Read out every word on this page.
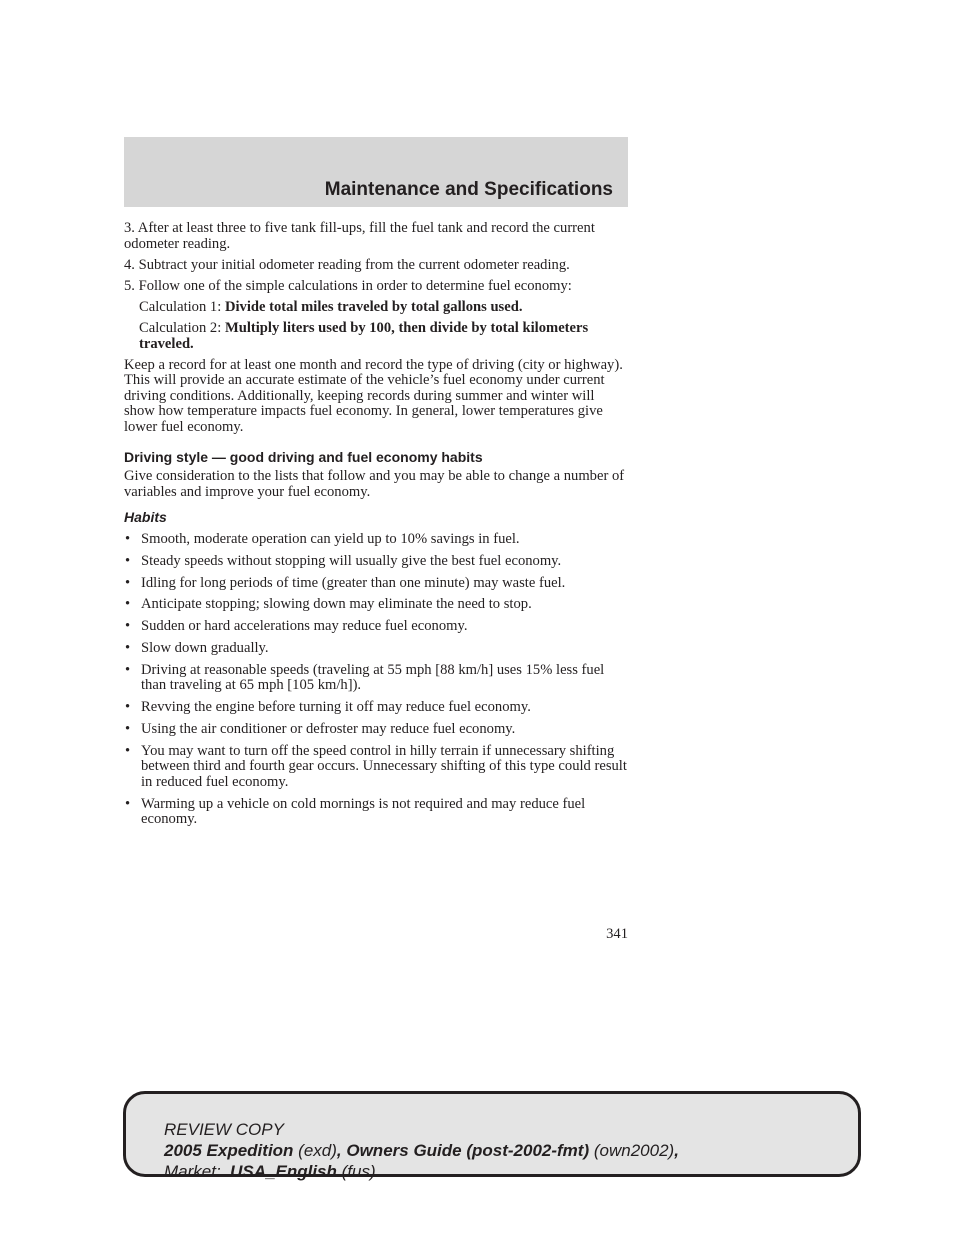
Maintenance and Specifications

3. After at least three to five tank fill-ups, fill the fuel tank and record the current odometer reading.

4. Subtract your initial odometer reading from the current odometer reading.

5. Follow one of the simple calculations in order to determine fuel economy:

Calculation 1: Divide total miles traveled by total gallons used.

Calculation 2: Multiply liters used by 100, then divide by total kilometers traveled.

Keep a record for at least one month and record the type of driving (city or highway). This will provide an accurate estimate of the vehicle’s fuel economy under current driving conditions. Additionally, keeping records during summer and winter will show how temperature impacts fuel economy. In general, lower temperatures give lower fuel economy.

Driving style — good driving and fuel economy habits

Give consideration to the lists that follow and you may be able to change a number of variables and improve your fuel economy.

Habits
• Smooth, moderate operation can yield up to 10% savings in fuel.
• Steady speeds without stopping will usually give the best fuel economy.
• Idling for long periods of time (greater than one minute) may waste fuel.
• Anticipate stopping; slowing down may eliminate the need to stop.
• Sudden or hard accelerations may reduce fuel economy.
• Slow down gradually.
• Driving at reasonable speeds (traveling at 55 mph [88 km/h] uses 15% less fuel than traveling at 65 mph [105 km/h]).
• Revving the engine before turning it off may reduce fuel economy.
• Using the air conditioner or defroster may reduce fuel economy.
• You may want to turn off the speed control in hilly terrain if unnecessary shifting between third and fourth gear occurs. Unnecessary shifting of this type could result in reduced fuel economy.
• Warming up a vehicle on cold mornings is not required and may reduce fuel economy.
341
REVIEW COPY
2005 Expedition (exd), Owners Guide (post-2002-fmt) (own2002),
Market: USA_English (fus)
